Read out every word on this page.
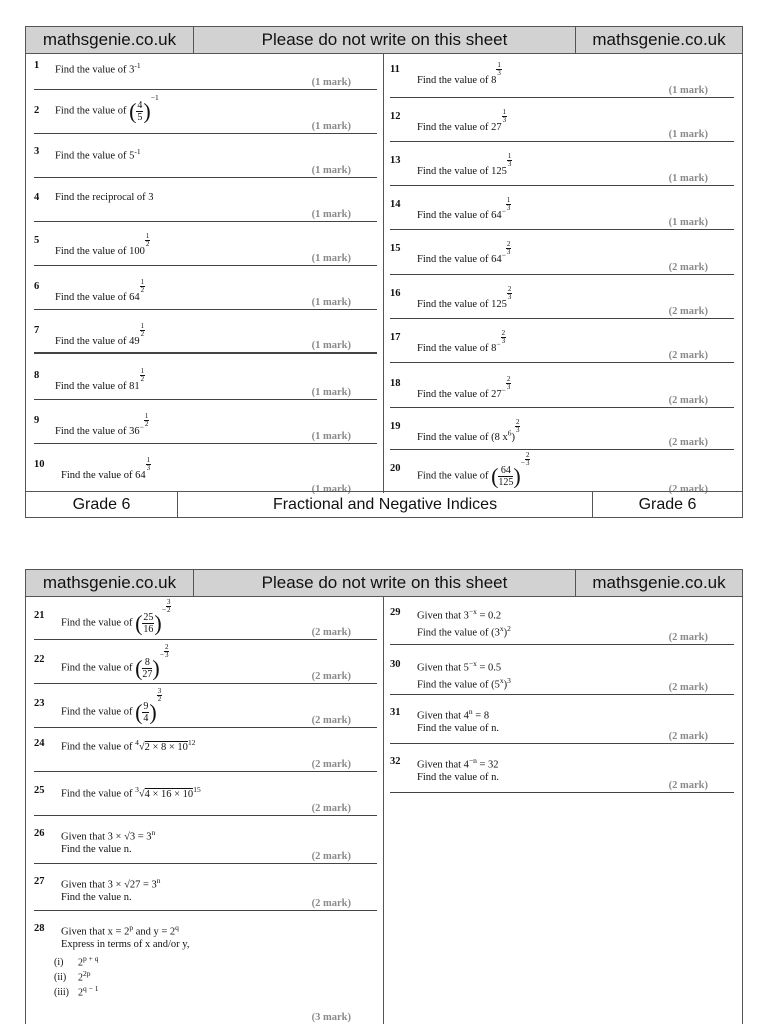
mathsgenie.co.uk	Please do not write on this sheet	mathsgenie.co.uk
1 Find the value of $3^{-1}$
(1 mark)
2 Find the value of ( $\frac{4}{5} )^{-1}$
(1 mark)
3 Find the value of $5^{-1}$
(1 mark)
4 Find the reciprocal of 3
(1 mark)
5
Find the value of 100
$\frac{1}{2}$
(1 mark)
6
Find the value of 64
$\frac{1}{2}$
(1 mark)
7
Find the value of 49
$\frac{1}{2}$
(1 mark)
8
Find the value of 81
$\frac{1}{2}$
(1 mark)
9
Find the value of $36^- \frac{1}{2}$
(1 mark)
10
Find the value of 64
$\frac{1}{3}$
(1 mark)
11
Find the value of 8
$\frac{1}{3}$
(1 mark)
12
Find the value of 27
$\frac{1}{3}$
(1 mark)
13
Find the value of 125
$\frac{1}{3}$
(1 mark)
14
Find the value of $64^- \frac{1}{3}$
(1 mark)
15
Find the value of $64^- \frac{2}{3}$
(2 mark)
16
Find the value of 125
$\frac{2}{3}$
(2 mark)
17
Find the value of $8^- \frac{2}{3}$
(2 mark)
18
Find the value of $27^- \frac{2}{3}$
(2 mark)
19
Find the value of (8 $x^6$)
$\frac{2}{3}$
(2 mark)
20
Find the value of ( $\frac{64}{125} )^- \frac{2}{3}$
(2 mark)
Grade 6	Fractional and Negative Indices	Grade 6
mathsgenie.co.uk	Please do not write on this sheet	mathsgenie.co.uk
21
Find the value of ( $\frac{25}{16} )^- \frac{3}{2}$
(2 mark)
22
Find the value of ( $\frac{8}{27} )^- \frac{2}{3}$
(2 mark)
23
Find the value of ( $\frac{9}{4}$ )
$\frac{3}{2}$
(2 mark)
24 Find the value of $^4√2 \times 8 \times 10^{12}$
(2 mark)
25 Find the value of $^3√4 \times 16 \times 10^{15}$
(2 mark)
26 Given that $3 \times √3 = 3^n$
Find the value n.
(2 mark)
27 Given that $3 \times √27 = 3^n$
Find the value n.
(2 mark)
28 Given that $x = 2^p$ and $y = 2^q$
Express in terms of x and/or y,
(i) $2^{p + q}$
(ii) $2^{2p}$
(iii) $2^{q - 1}$
(3 mark)
29 Given that $3^{-x} = 0.2$
Find the value of $(3^x)^2$
(2 mark)
30 Given that $5^{-x} = 0.5$
Find the value of $(5^x)^3$
(2 mark)
31 Given that $4^n = 8$
Find the value of n.
(2 mark)
32 Given that $4^{-n} = 32$
Find the value of n.
(2 mark)
